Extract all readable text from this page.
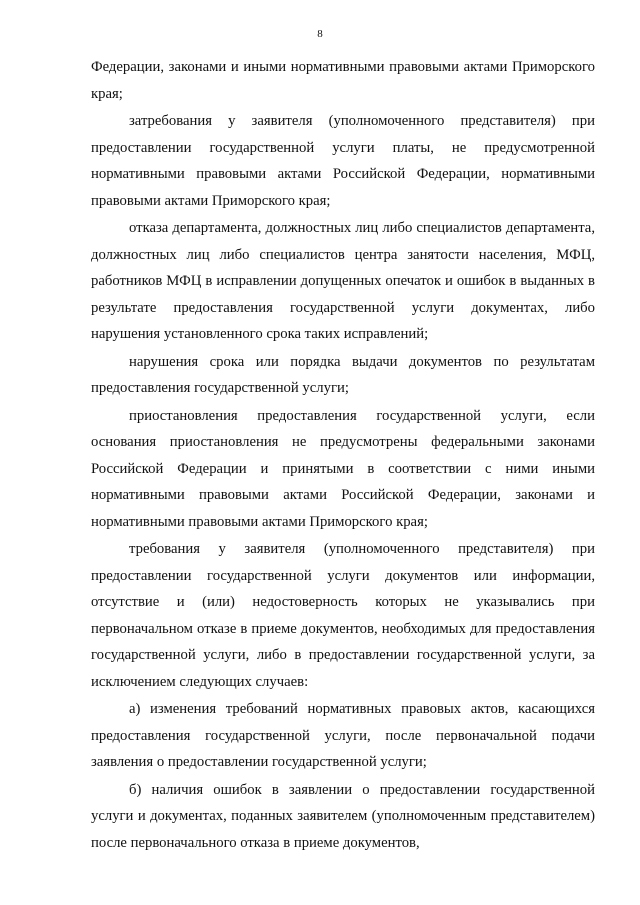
8

Федерации, законами и иными нормативными правовыми актами Приморского края;

затребования у заявителя (уполномоченного представителя) при предоставлении государственной услуги платы, не предусмотренной нормативными правовыми актами Российской Федерации, нормативными правовыми актами Приморского края;

отказа департамента, должностных лиц либо специалистов департамента, должностных лиц либо специалистов центра занятости населения, МФЦ, работников МФЦ в исправлении допущенных опечаток и ошибок в выданных в результате предоставления государственной услуги документах, либо нарушения установленного срока таких исправлений;

нарушения срока или порядка выдачи документов по результатам предоставления государственной услуги;

приостановления предоставления государственной услуги, если основания приостановления не предусмотрены федеральными законами Российской Федерации и принятыми в соответствии с ними иными нормативными правовыми актами Российской Федерации, законами и нормативными правовыми актами Приморского края;

требования у заявителя (уполномоченного представителя) при предоставлении государственной услуги документов или информации, отсутствие и (или) недостоверность которых не указывались при первоначальном отказе в приеме документов, необходимых для предоставления государственной услуги, либо в предоставлении государственной услуги, за исключением следующих случаев:

а) изменения требований нормативных правовых актов, касающихся предоставления государственной услуги, после первоначальной подачи заявления о предоставлении государственной услуги;

б) наличия ошибок в заявлении о предоставлении государственной услуги и документах, поданных заявителем (уполномоченным представителем) после первоначального отказа в приеме документов,
